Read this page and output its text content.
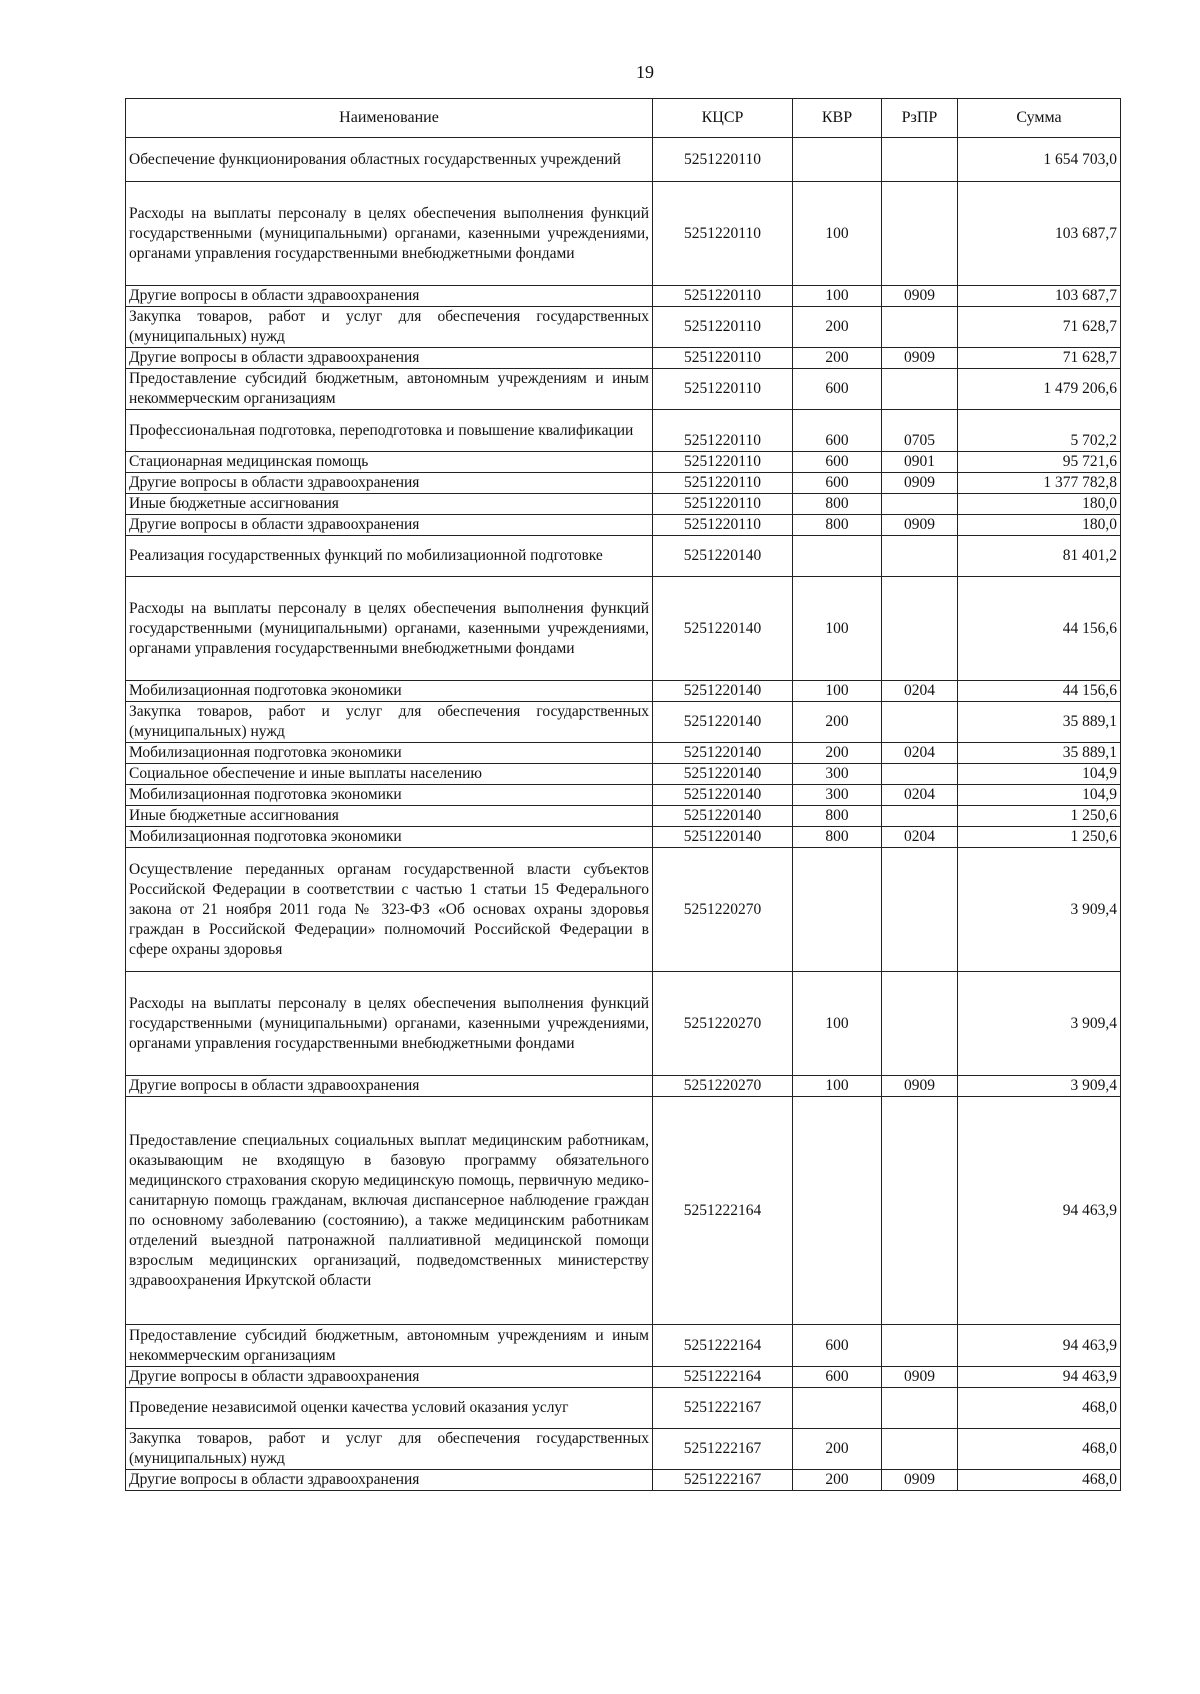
19
Наименование	КЦСР	КВР	РзПР	Сумма
Обеспечение функционирования областных государственных учреждений	5251220110			1 654 703,0
Расходы на выплаты персоналу в целях обеспечения выполнения функций государственными (муниципальными) органами, казенными учреждениями, органами управления государственными внебюджетными фондами	5251220110	100		103 687,7
Другие вопросы в области здравоохранения	5251220110	100	0909	103 687,7
Закупка товаров, работ и услуг для обеспечения государственных (муниципальных) нужд	5251220110	200		71 628,7
Другие вопросы в области здравоохранения	5251220110	200	0909	71 628,7
Предоставление субсидий бюджетным, автономным учреждениям и иным некоммерческим организациям	5251220110	600		1 479 206,6
Профессиональная подготовка, переподготовка и повышение квалификации	5251220110	600	0705	5 702,2
Стационарная медицинская помощь	5251220110	600	0901	95 721,6
Другие вопросы в области здравоохранения	5251220110	600	0909	1 377 782,8
Иные бюджетные ассигнования	5251220110	800		180,0
Другие вопросы в области здравоохранения	5251220110	800	0909	180,0
Реализация государственных функций по мобилизационной подготовке	5251220140			81 401,2
Расходы на выплаты персоналу в целях обеспечения выполнения функций государственными (муниципальными) органами, казенными учреждениями, органами управления государственными внебюджетными фондами	5251220140	100		44 156,6
Мобилизационная подготовка экономики	5251220140	100	0204	44 156,6
Закупка товаров, работ и услуг для обеспечения государственных (муниципальных) нужд	5251220140	200		35 889,1
Мобилизационная подготовка экономики	5251220140	200	0204	35 889,1
Социальное обеспечение и иные выплаты населению	5251220140	300		104,9
Мобилизационная подготовка экономики	5251220140	300	0204	104,9
Иные бюджетные ассигнования	5251220140	800		1 250,6
Мобилизационная подготовка экономики	5251220140	800	0204	1 250,6
Осуществление переданных органам государственной власти субъектов Российской Федерации в соответствии с частью 1 статьи 15 Федерального закона от 21 ноября 2011 года № 323-ФЗ «Об основах охраны здоровья граждан в Российской Федерации» полномочий Российской Федерации в сфере охраны здоровья	5251220270			3 909,4
Расходы на выплаты персоналу в целях обеспечения выполнения функций государственными (муниципальными) органами, казенными учреждениями, органами управления государственными внебюджетными фондами	5251220270	100		3 909,4
Другие вопросы в области здравоохранения	5251220270	100	0909	3 909,4
Предоставление специальных социальных выплат медицинским работникам, оказывающим не входящую в базовую программу обязательного медицинского страхования скорую медицинскую помощь, первичную медико-санитарную помощь гражданам, включая диспансерное наблюдение граждан по основному заболеванию (состоянию), а также медицинским работникам отделений выездной патронажной паллиативной медицинской помощи взрослым медицинских организаций, подведомственных министерству здравоохранения Иркутской области	5251222164			94 463,9
Предоставление субсидий бюджетным, автономным учреждениям и иным некоммерческим организациям	5251222164	600		94 463,9
Другие вопросы в области здравоохранения	5251222164	600	0909	94 463,9
Проведение независимой оценки качества условий оказания услуг	5251222167			468,0
Закупка товаров, работ и услуг для обеспечения государственных (муниципальных) нужд	5251222167	200		468,0
Другие вопросы в области здравоохранения	5251222167	200	0909	468,0
